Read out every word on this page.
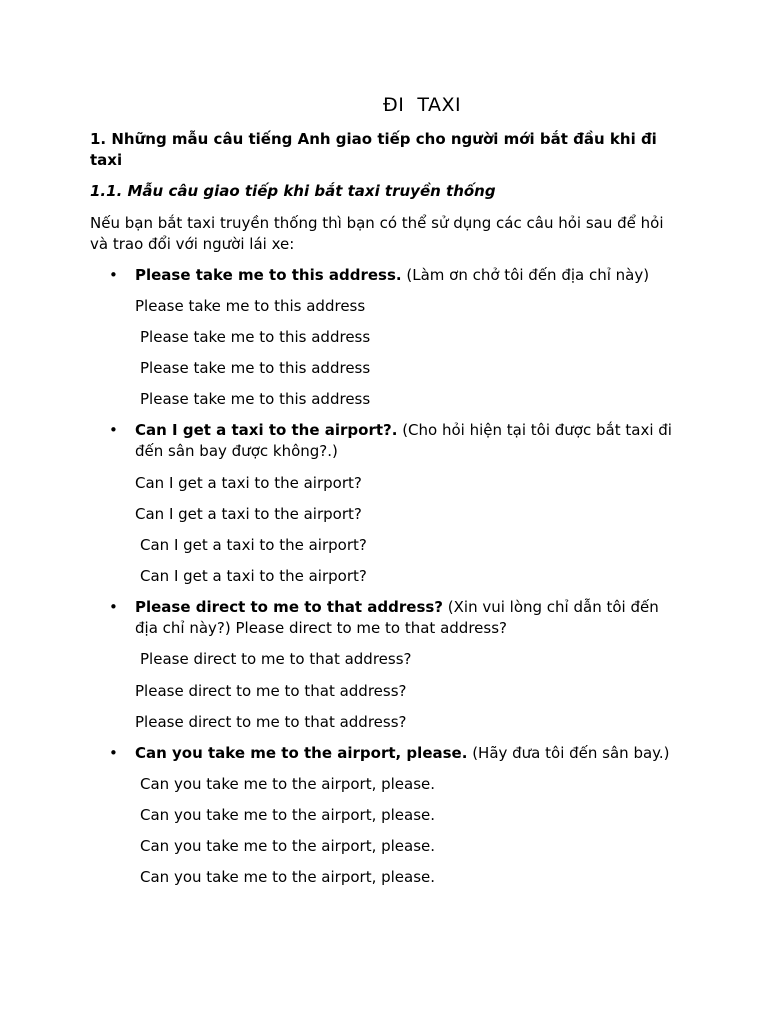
ĐI  TAXI
1. Những mẫu câu tiếng Anh giao tiếp cho người mới bắt đầu khi đi taxi
1.1. Mẫu câu giao tiếp khi bắt taxi truyền thống
Nếu bạn bắt taxi truyền thống thì bạn có thể sử dụng các câu hỏi sau để hỏi và trao đổi với người lái xe:
• Please take me to this address. (Làm ơn chở tôi đến địa chỉ này)
Please take me to this address
Please take me to this address
Please take me to this address
Please take me to this address
• Can I get a taxi to the airport?. (Cho hỏi hiện tại tôi được bắt taxi đi đến sân bay được không?.)
Can I get a taxi to the airport?
Can I get a taxi to the airport?
Can I get a taxi to the airport?
Can I get a taxi to the airport?
• Please direct to me to that address? (Xin vui lòng chỉ dẫn tôi đến địa chỉ này?) Please direct to me to that address?
Please direct to me to that address?
Please direct to me to that address?
Please direct to me to that address?
• Can you take me to the airport, please. (Hãy đưa tôi đến sân bay.)
Can you take me to the airport, please.
Can you take me to the airport, please.
Can you take me to the airport, please.
Can you take me to the airport, please.
